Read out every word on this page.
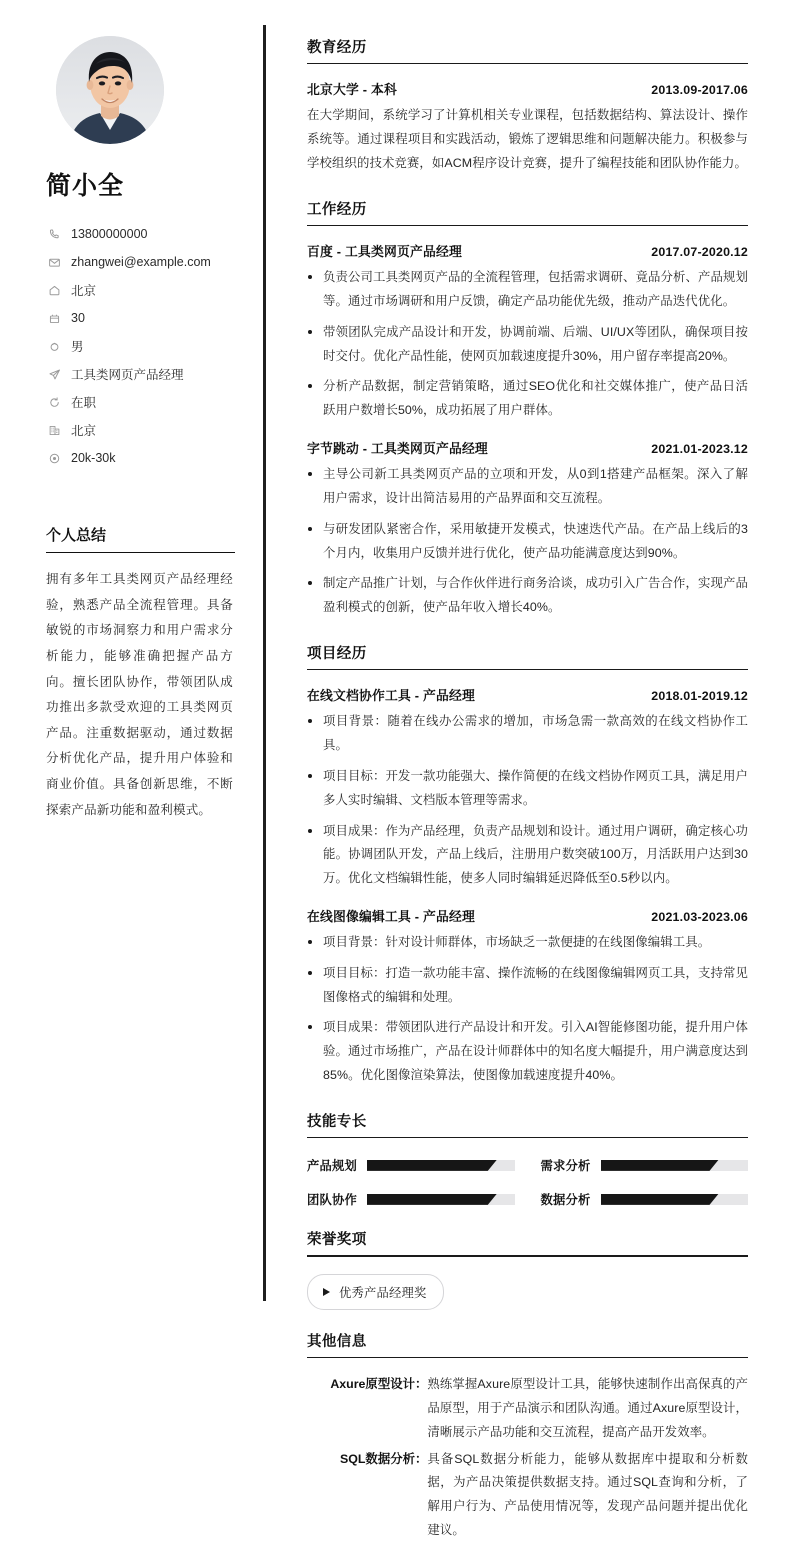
简小全
13800000000
zhangwei@example.com
北京
30
男
工具类网页产品经理
在职
北京
20k-30k
个人总结

拥有多年工具类网页产品经理经验，熟悉产品全流程管理。具备敏锐的市场洞察力和用户需求分析能力，能够准确把握产品方向。擅长团队协作，带领团队成功推出多款受欢迎的工具类网页产品。注重数据驱动，通过数据分析优化产品，提升用户体验和商业价值。具备创新思维，不断探索产品新功能和盈利模式。

教育经历
北京大学 - 本科	2013.09-2017.06

在大学期间，系统学习了计算机相关专业课程，包括数据结构、算法设计、操作系统等。通过课程项目和实践活动，锻炼了逻辑思维和问题解决能力。积极参与学校组织的技术竞赛，如ACM程序设计竞赛，提升了编程技能和团队协作能力。

工作经历
百度 - 工具类网页产品经理	2017.07-2020.12
负责公司工具类网页产品的全流程管理，包括需求调研、竟品分析、产品规划等。通过市场调研和用户反馈，确定产品功能优先级，推动产品迭代优化。
带领团队完成产品设计和开发，协调前端、后端、UI/UX等团队，确保项目按时交付。优化产品性能，使网页加载速度提升30%，用户留存率提高20%。
分析产品数据，制定营销策略，通过SEO优化和社交媒体推广，使产品日活跃用户数增长50%，成功拓展了用户群体。
字节跳动 - 工具类网页产品经理	2021.01-2023.12
主导公司新工具类网页产品的立项和开发，从0到1搭建产品框架。深入了解用户需求，设计出简洁易用的产品界面和交互流程。
与研发团队紧密合作，采用敏捷开发模式，快速迭代产品。在产品上线后的3个月内，收集用户反馈并进行优化，使产品功能满意度达到90%。
制定产品推广计划，与合作伙伴进行商务洽谈，成功引入广告合作，实现产品盈利模式的创新，使产品年收入增长40%。
项目经历
在线文档协作工具 - 产品经理	2018.01-2019.12
项目背景：随着在线办公需求的增加，市场急需一款高效的在线文档协作工具。
项目目标：开发一款功能强大、操作简便的在线文档协作网页工具，满足用户多人实时编辑、文档版本管理等需求。
项目成果：作为产品经理，负责产品规划和设计。通过用户调研，确定核心功能。协调团队开发，产品上线后，注册用户数突破100万，月活跃用户达到30万。优化文档编辑性能，使多人同时编辑延迟降低至0.5秒以内。
在线图像编辑工具 - 产品经理	2021.03-2023.06
项目背景：针对设计师群体，市场缺乏一款便捷的在线图像编辑工具。
项目目标：打造一款功能丰富、操作流畅的在线图像编辑网页工具，支持常见图像格式的编辑和处理。
项目成果：带领团队进行产品设计和开发。引入AI智能修图功能，提升用户体验。通过市场推广，产品在设计师群体中的知名度大幅提升，用户满意度达到85%。优化图像渲染算法，使图像加载速度提升40%。
技能专长
产品规划	需求分析
团队协作	数据分析
荣誉奖项
优秀产品经理奖
其他信息
Axure原型设计 ： 熟练掌握Axure原型设计工具，能够快速制作出高保真的产品原型，用于产品演示和团队沟通。通过Axure原型设计，清晰展示产品功能和交互流程，提高产品开发效率。
SQL数据分析 ： 具备SQL数据分析能力，能够从数据库中提取和分析数据，为产品决策提供数据支持。通过SQL查询和分析，了解用户行为、产品使用情况等，发现产品问题并提出优化建议。
